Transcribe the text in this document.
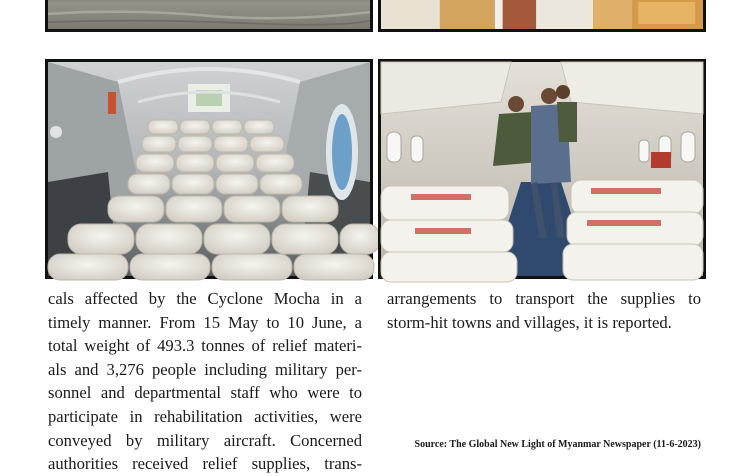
cals affected by the Cyclone Mocha in a
timely manner. From 15 May to 10 June, a
total weight of 493.3 tonnes of relief materi-
als and 3,276 people including military per-
sonnel and departmental staff who were to
participate in rehabilitation activities, were
conveyed by military aircraft. Concerned
authorities received relief supplies, trans-
arrangements to transport the supplies to
storm-hit towns and villages, it is reported.
Source: The Global New Light of Myanmar Newspaper (11-6-2023)
